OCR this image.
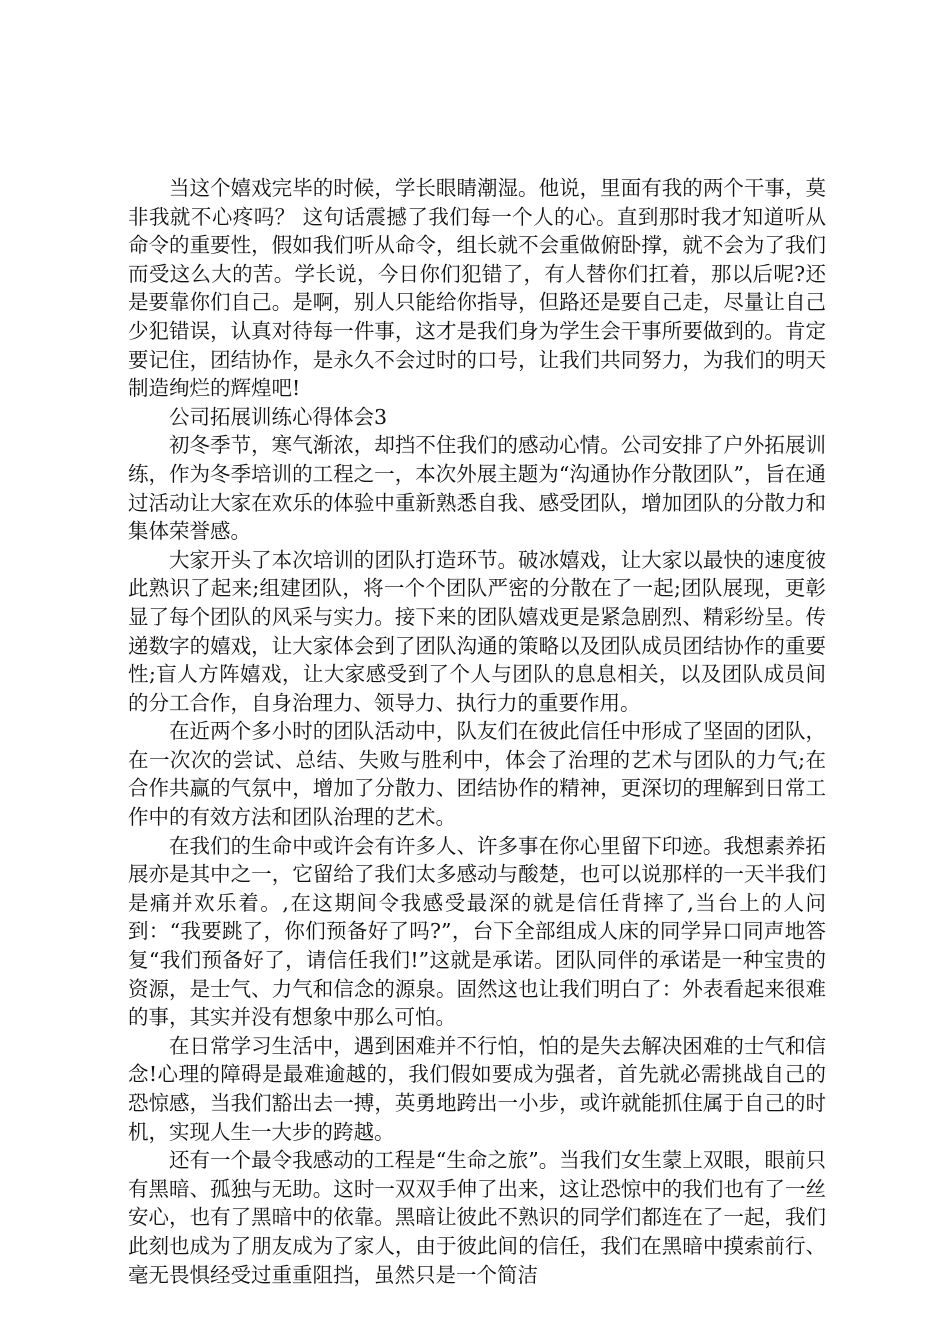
当这个嬉戏完毕的时候，学长眼睛潮湿。他说，里面有我的两个干事，莫非我就不心疼吗？ 这句话震撼了我们每一个人的心。直到那时我才知道听从命令的重要性，假如我们听从命令，组长就不会重做俯卧撑，就不会为了我们而受这么大的苦。学长说，今日你们犯错了，有人替你们扛着，那以后呢?还是要靠你们自己。是啊，别人只能给你指导，但路还是要自己走，尽量让自己少犯错误，认真对待每一件事，这才是我们身为学生会干事所要做到的。肯定要记住，团结协作，是永久不会过时的口号，让我们共同努力，为我们的明天制造绚烂的辉煌吧!

公司拓展训练心得体会3

初冬季节，寒气渐浓，却挡不住我们的感动心情。公司安排了户外拓展训练，作为冬季培训的工程之一，本次外展主题为“沟通协作分散团队”，旨在通过活动让大家在欢乐的体验中重新熟悉自我、感受团队，增加团队的分散力和集体荣誉感。

大家开头了本次培训的团队打造环节。破冰嬉戏，让大家以最快的速度彼此熟识了起来;组建团队，将一个个团队严密的分散在了一起;团队展现，更彰显了每个团队的风采与实力。接下来的团队嬉戏更是紧急剧烈、精彩纷呈。传递数字的嬉戏，让大家体会到了团队沟通的策略以及团队成员团结协作的重要性;盲人方阵嬉戏，让大家感受到了个人与团队的息息相关，以及团队成员间的分工合作，自身治理力、领导力、执行力的重要作用。

在近两个多小时的团队活动中，队友们在彼此信任中形成了坚固的团队，在一次次的尝试、总结、失败与胜利中，体会了治理的艺术与团队的力气;在合作共赢的气氛中，增加了分散力、团结协作的精神，更深切的理解到日常工作中的有效方法和团队治理的艺术。

在我们的生命中或许会有许多人、许多事在你心里留下印迹。我想素养拓展亦是其中之一，它留给了我们太多感动与酸楚，也可以说那样的一天半我们是痛并欢乐着。,在这期间令我感受最深的就是信任背摔了,当台上的人问到：“我要跳了，你们预备好了吗?”，台下全部组成人床的同学异口同声地答复“我们预备好了，请信任我们!”这就是承诺。团队同伴的承诺是一种宝贵的资源，是士气、力气和信念的源泉。固然这也让我们明白了：外表看起来很难的事，其实并没有想象中那么可怕。

在日常学习生活中，遇到困难并不行怕，怕的是失去解决困难的士气和信念!心理的障碍是最难逾越的，我们假如要成为强者，首先就必需挑战自己的恐惊感，当我们豁出去一搏，英勇地跨出一小步，或许就能抓住属于自己的时机，实现人生一大步的跨越。

还有一个最令我感动的工程是“生命之旅”。当我们女生蒙上双眼，眼前只有黑暗、孤独与无助。这时一双双手伸了出来，这让恐惊中的我们也有了一丝安心，也有了黑暗中的依靠。黑暗让彼此不熟识的同学们都连在了一起，我们此刻也成为了朋友成为了家人，由于彼此间的信任，我们在黑暗中摸索前行、毫无畏惧经受过重重阻挡，虽然只是一个简洁
